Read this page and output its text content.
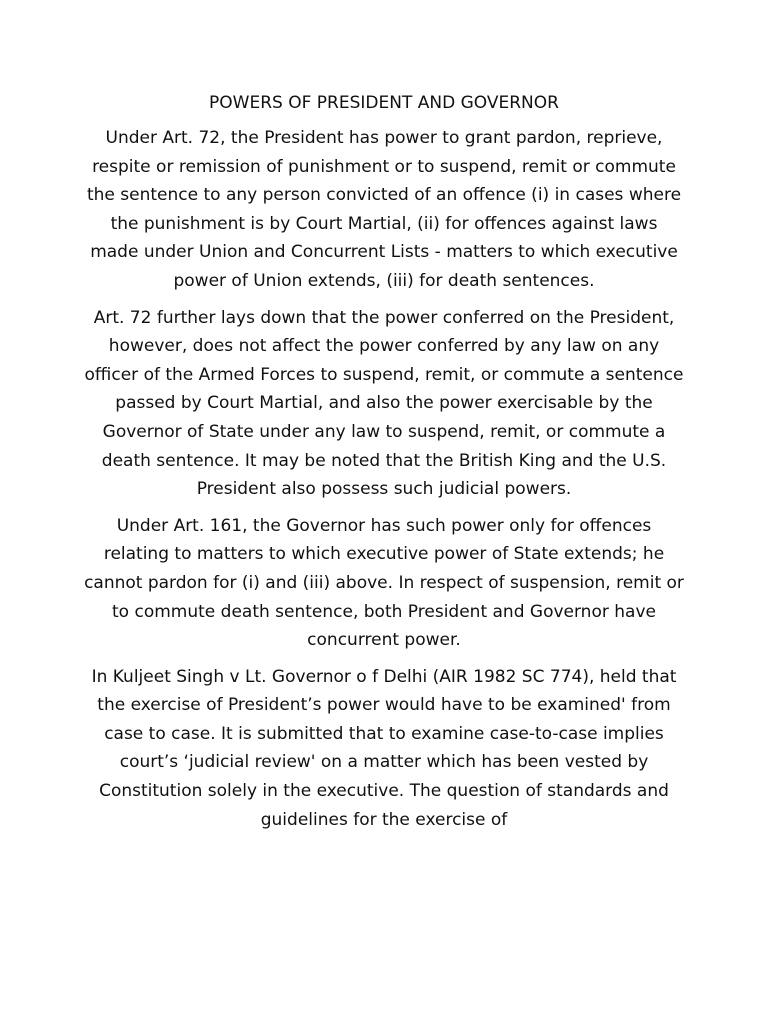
POWERS OF PRESIDENT AND GOVERNOR

Under Art. 72, the President has power to grant pardon, reprieve, respite or remission of punishment or to suspend, remit or commute the sentence to any person convicted of an offence (i) in cases where the punishment is by Court Martial, (ii) for offences against laws made under Union and Concurrent Lists - matters to which executive power of Union extends, (iii) for death sentences.

Art. 72 further lays down that the power conferred on the President, however, does not affect the power conferred by any law on any officer of the Armed Forces to suspend, remit, or commute a sentence passed by Court Martial, and also the power exercisable by the Governor of State under any law to suspend, remit, or commute a death sentence. It may be noted that the British King and the U.S. President also possess such judicial powers.

Under Art. 161, the Governor has such power only for offences relating to matters to which executive power of State extends; he cannot pardon for (i) and (iii) above. In respect of suspension, remit or to commute death sentence, both President and Governor have concurrent power.

In Kuljeet Singh v Lt. Governor o f Delhi (AIR 1982 SC 774), held that the exercise of President’s power would have to be examined' from case to case. It is submitted that to examine case-to-case implies court’s ‘judicial review' on a matter which has been vested by Constitution solely in the executive. The question of standards and guidelines for the exercise of
